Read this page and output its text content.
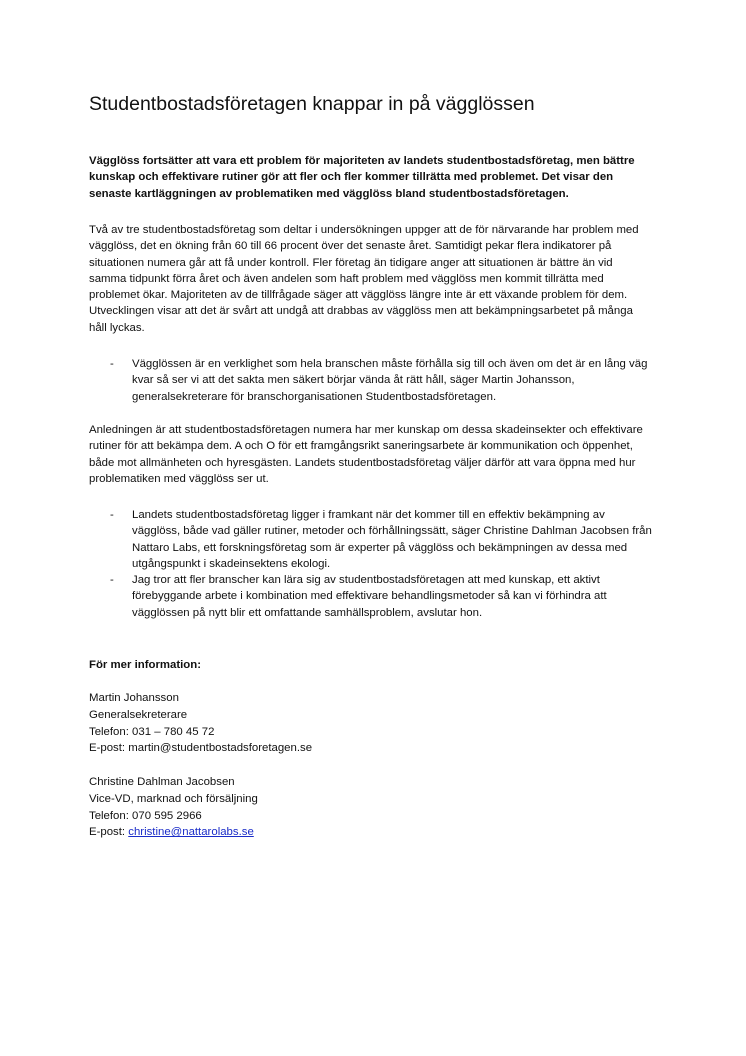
Studentbostadsföretagen knappar in på vägglössen

Vägglöss fortsätter att vara ett problem för majoriteten av landets studentbostadsföretag, men bättre kunskap och effektivare rutiner gör att fler och fler kommer tillrätta med problemet. Det visar den senaste kartläggningen av problematiken med vägglöss bland studentbostadsföretagen.

Två av tre studentbostadsföretag som deltar i undersökningen uppger att de för närvarande har problem med vägglöss, det en ökning från 60 till 66 procent över det senaste året. Samtidigt pekar flera indikatorer på situationen numera går att få under kontroll. Fler företag än tidigare anger att situationen är bättre än vid samma tidpunkt förra året och även andelen som haft problem med vägglöss men kommit tillrätta med problemet ökar. Majoriteten av de tillfrågade säger att vägglöss längre inte är ett växande problem för dem. Utvecklingen visar att det är svårt att undgå att drabbas av vägglöss men att bekämpningsarbetet på många håll lyckas.

- Vägglössen är en verklighet som hela branschen måste förhålla sig till och även om det är en lång väg kvar så ser vi att det sakta men säkert börjar vända åt rätt håll, säger Martin Johansson, generalsekreterare för branschorganisationen Studentbostadsföretagen.

Anledningen är att studentbostadsföretagen numera har mer kunskap om dessa skadeinsekter och effektivare rutiner för att bekämpa dem. A och O för ett framgångsrikt saneringsarbete är kommunikation och öppenhet, både mot allmänheten och hyresgästen. Landets studentbostadsföretag väljer därför att vara öppna med hur problematiken med vägglöss ser ut.

- Landets studentbostadsföretag ligger i framkant när det kommer till en effektiv bekämpning av vägglöss, både vad gäller rutiner, metoder och förhållningssätt, säger Christine Dahlman Jacobsen från Nattaro Labs, ett forskningsföretag som är experter på vägglöss och bekämpningen av dessa med utgångspunkt i skadeinsektens ekologi.
- Jag tror att fler branscher kan lära sig av studentbostadsföretagen att med kunskap, ett aktivt förebyggande arbete i kombination med effektivare behandlingsmetoder så kan vi förhindra att vägglössen på nytt blir ett omfattande samhällsproblem, avslutar hon.

För mer information:

Martin Johansson
Generalsekreterare
Telefon: 031 – 780 45 72
E-post: martin@studentbostadsforetagen.se
Christine Dahlman Jacobsen
Vice-VD, marknad och försäljning
Telefon: 070 595 2966
E-post: christine@nattarolabs.se
